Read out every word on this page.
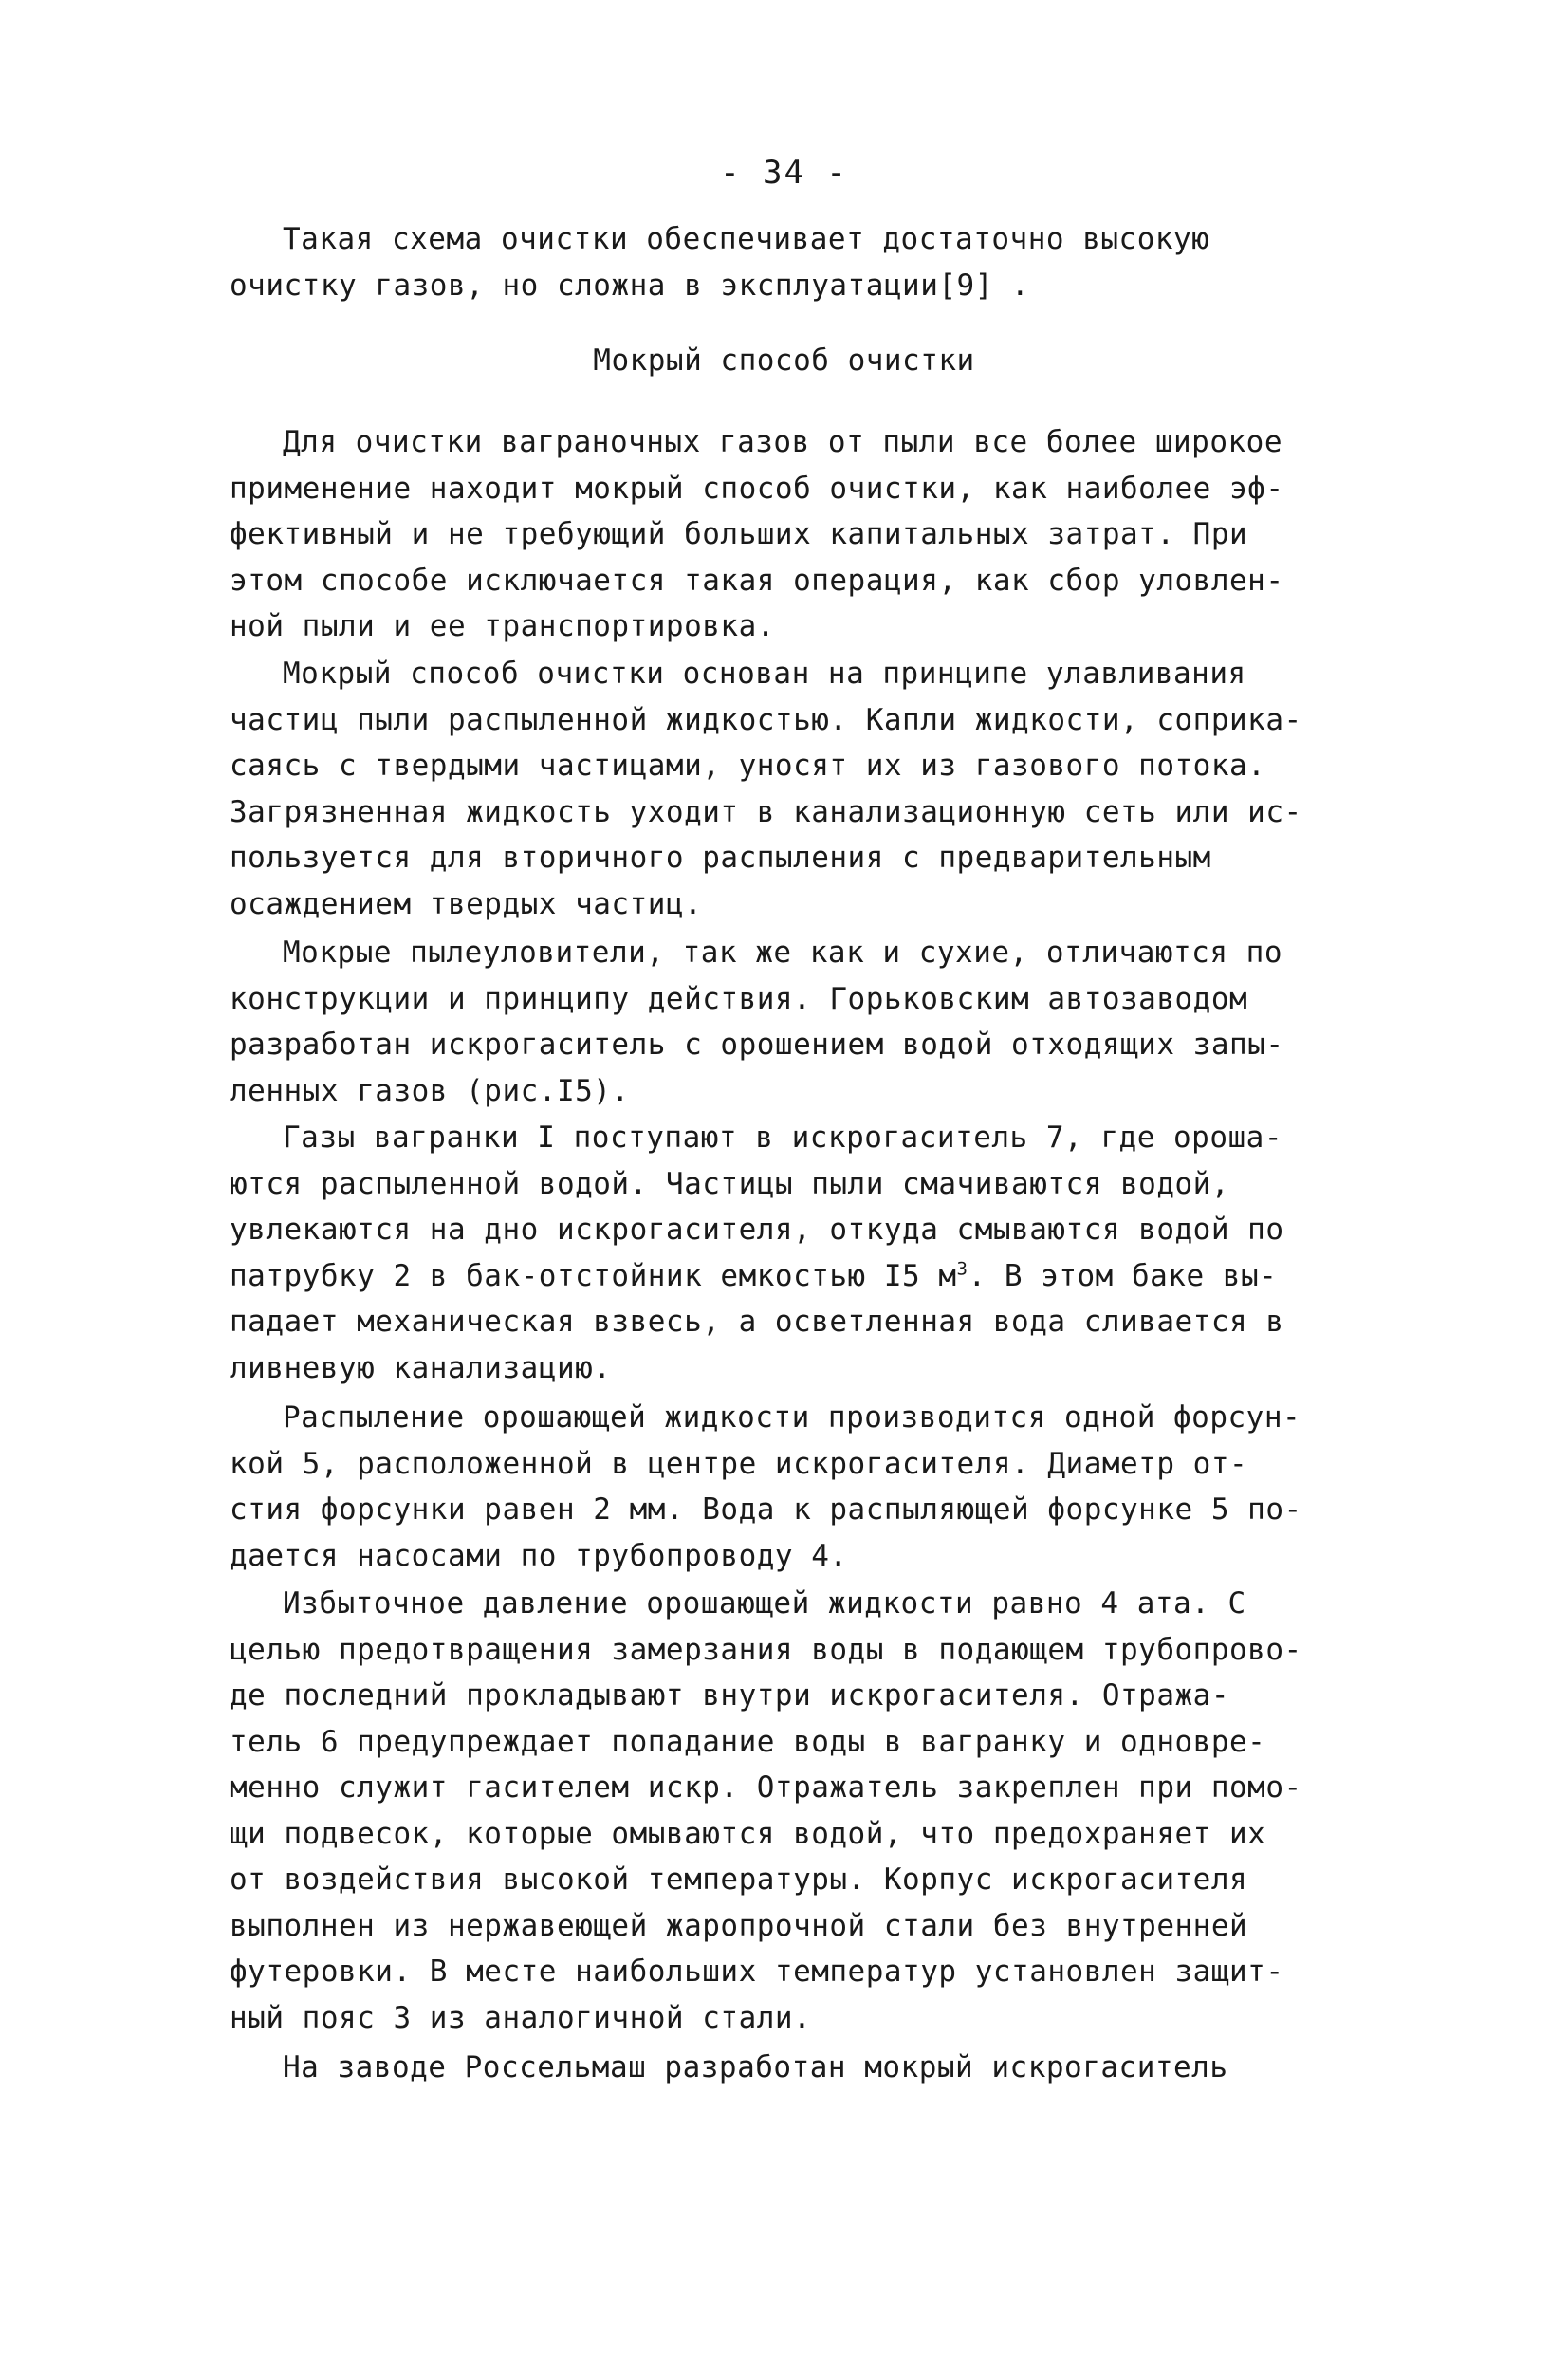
- 34 -
Такая схема очистки обеспечивает достаточно высокую
очистку газов, но сложна в эксплуатации[9] .
Мокрый способ очистки
Для очистки ваграночных газов от пыли все более широкое
применение находит мокрый способ очистки, как наиболее эф-
фективный и не требующий больших капитальных затрат. При
этом способе исключается такая операция, как сбор уловлен-
ной пыли и ее транспортировка.
Мокрый способ очистки основан на принципе улавливания
частиц пыли распыленной жидкостью. Капли жидкости, соприка-
саясь с твердыми частицами, уносят их из газового потока.
Загрязненная жидкость уходит в канализационную сеть или ис-
пользуется для вторичного распыления с предварительным
осаждением твердых частиц.
Мокрые пылеуловители, так же как и сухие, отличаются по
конструкции и принципу действия. Горьковским автозаводом
разработан искрогаситель с орошением водой отходящих запы-
ленных газов (рис.I5).
Газы вагранки I поступают в искрогаситель 7, где ороша-
ются распыленной водой. Частицы пыли смачиваются водой,
увлекаются на дно искрогасителя, откуда смываются водой по
патрубку 2 в бак-отстойник емкостью I5 $м^3$. В этом баке вы-
падает механическая взвесь, а осветленная вода сливается в
ливневую канализацию.
Распыление орошающей жидкости производится одной форсун-
кой 5, расположенной в центре искрогасителя. Диаметр от-
стия форсунки равен 2 мм. Вода к распыляющей форсунке 5 по-
дается насосами по трубопроводу 4.
Избыточное давление орошающей жидкости равно 4 ата. С
целью предотвращения замерзания воды в подающем трубопрово-
де последний прокладывают внутри искрогасителя. Отража-
тель 6 предупреждает попадание воды в вагранку и одновре-
менно служит гасителем искр. Отражатель закреплен при помо-
щи подвесок, которые омываются водой, что предохраняет их
от воздействия высокой температуры. Корпус искрогасителя
выполнен из нержавеющей жаропрочной стали без внутренней
футеровки. В месте наибольших температур установлен защит-
ный пояс 3 из аналогичной стали.
На заводе Россельмаш разработан мокрый искрогаситель
